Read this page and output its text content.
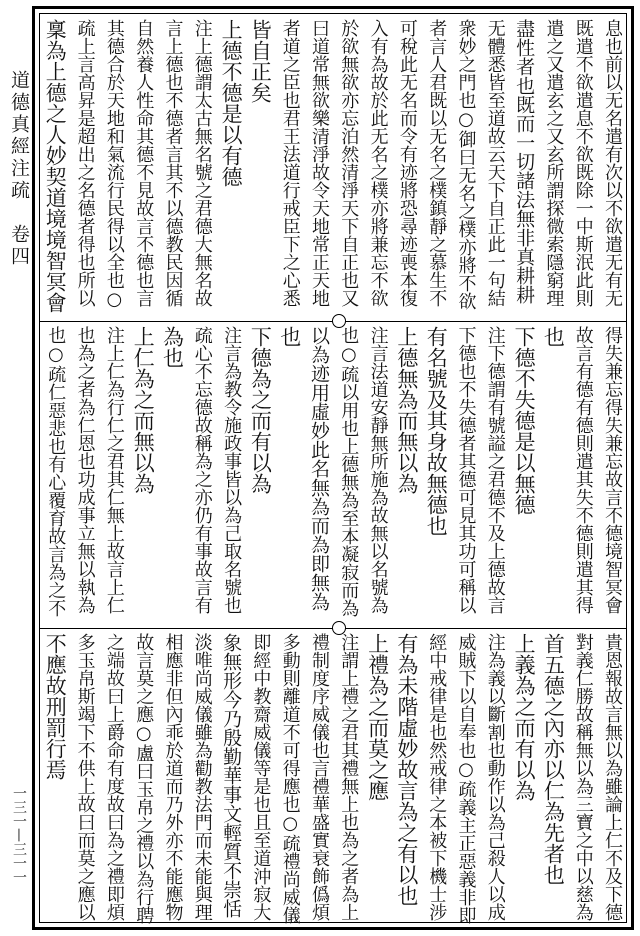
道德真經注疏　卷四
一三一—三一一
息也前以无名遣有次以不欲遣无有无
既遣不欲遣息不欲既除一中斯泯此則
遣之又遣玄之又玄所謂探微索隱窮理
盡性者也既而一切諸法無非真耕耕
无體悉皆至道故云天下自正此一句結
衆妙之門也○御曰无名之樸亦將不欲
者言人君既以无名之樸鎮靜之慕生不
可稅此无名而令有迹將恐尋迹喪本復
入有為故於此无名之樸亦將兼忘不欲
於欲無欲亦忘泊然清淨天下自正也又
曰道常無欲樂清淨故令天地常正天地
者道之臣也君王法道行戒臣下之心悉
皆自正矣
上德不德是以有德
注上德謂太古無名號之君德大無名故
言上德也不德者言其不以德教民因循
自然養人性命其德不見故言不德也言
其德合於天地和氣流行民得以全也○
疏上言高昇是超出之名德者得也所以
稟為上德之人妙契道境境智冥會
得失兼忘得失兼忘故言不德境智冥會
故言有德有德則遣其失不德則遣其得
也
下德不失德是以無德
注下德謂有號謚之君德不及上德故言
下德也不失德者其德可見其功可稱以
有名號及其身故無德也
上德無為而無以為
注言法道安靜無所施為故無以名號為
也○疏以用也上德無為至本凝寂而為
以為迹用虛妙此名無為而為即無為
也
下德為之而有以為
注言為教令施政事皆以為己取名號也
疏心不忘德故稱為之亦仍有事故言有
為也
上仁為之而無以為
注上仁為行仁之君其仁無上故言上仁
也為之者為仁恩也功成事立無以執為
也○疏仁惡悲也有心覆育故言為之不
貴恩報故言無以為雖論上仁不及下德
對義仁勝故稱無以為三寶之中以慈為
首五德之內亦以仁為先者也
上義為之而有以為
注為義以斷割也動作以為己殺人以成
威賊下以自奉也○疏義主正惡義非即
經中戒律是也然戒律之本被下機士涉
有為未階虛妙故言為之有以也
上禮為之而莫之應
注謂上禮之君其禮無上也為之者為上
禮制度序威儀也言禮華盛實衰飾僞煩
多動則離道不可得應也○疏禮尚威儀
即經中教齋威儀等是也且至道沖寂大
象無形今乃殷勤華事文輕質不崇恬
淡唯尚威儀雖為勸教法門而未能與理
相應非但內乖於道而乃外亦不能應物
故言莫之應○盧曰玉帛之禮以為行聘
之端故曰上爵命有度故曰為之禮即煩
多玉帛斯竭下不供上故曰而莫之應以
不應故刑罰行焉
